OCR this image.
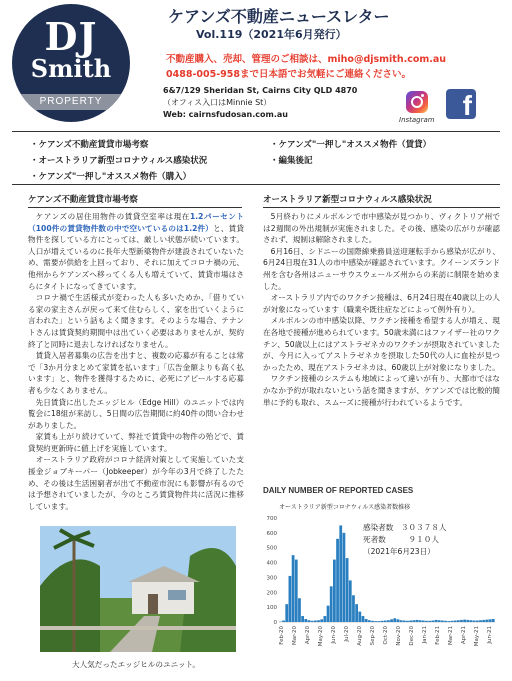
DJ
Smith
PROPERTY
ケアンズ不動産ニュースレター
Vol.119（2021年6月発行）
不動産購入、売却、管理のご相談は、miho@djsmith.com.au
0488-005-958まで日本語でお気軽にご連絡ください。
6&7/129 Sheridan St, Cairns City QLD 4870
（オフィス入口はMinnie St）
Web: cairnsfudosan.com.au
Instagram	f
・ケアンズ不動産賃貸市場考察	・ケアンズ"一押し"オススメ物件（賃貸）
・オーストラリア新型コロナウィルス感染状況	・編集後記
・ケアンズ"一押し"オススメ物件（購入）
ケアンズ不動産賃貸市場考察

ケアンズの居住用物件の賃貸空室率は現在1.2パーセント（100件の賃貸物件数の中で空いているのは1.2件）と、賃貸物件を探している方にとっては、厳しい状態が続いています。人口が増えているのに長年大型新築物件が建設されていないため、需要が供給を上回っており、それに加えてコロナ禍の元、他州からケアンズへ移ってくる人も増えていて、賃貸市場はさらにタイトになってきています。

コロナ禍で生活様式が変わった人も多いためか、「借りている家の家主さんが戻って来て住むらしく、家を出ていくように言われた」という話もよく聞きます。そのような場合、テナントさんは賃貸契約期間中は出ていく必要はありませんが、契約終了と同時に退去しなければなりません。

賃貸入居者募集の広告を出すと、複数の応募が有ることは常で「3か月分まとめて家賃を払います」「広告金額よりも高く払います」と、物件を獲得するために、必死にアピールする応募者も少なくありません。

先日賃貸に出したエッジヒル（Edge Hill）のユニットでは内覧会に18組が来訪し、5日間の広告期間に約40件の問い合わせがありました。

家賃も上がり続けていて、弊社で賃貸中の物件の殆どで、賃貸契約更新時に値上げを実施しています。

オーストラリア政府がコロナ経済対策として実施していた支援金ジョブキーパー（Jobkeeper）が今年の3月で終了したため、その後は生活困窮者が出て不動産市況にも影響が有るのでは予想されていましたが、今のところ賃貸物件共に活況に推移しています。

大人気だったエッジヒルのユニット。
オーストラリア新型コロナウィルス感染状況

5月終わりにメルボルンで市中感染が見つかり、ヴィクトリア州では2週間の外出規制が実施されました。その後、感染の広がりが確認されず、規制は解除されました。

6月16日、シドニーの国際線乗務員送迎運転手から感染が広がり、6月24日現在31人の市中感染が確認されています。クイーンズランド州を含む各州はニューサウスウェールズ州からの来訪に制限を始めました。

オーストラリア内でのワクチン接種は、6月24日現在40歳以上の人が対象になっています（職業や既往症などによって例外有り）。

メルボルンの市中感染以降、ワクチン接種を希望する人が増え、現在各地で接種が進められています。50歳未満にはファイザー社のワクチン、50歳以上にはアストラゼネカのワクチンが摂取されていましたが、今月に入ってアストラゼネカを摂取した50代の人に血栓が見つかったため、現在アストラゼネカは、60歳以上が対象になりました。

ワクチン接種のシステムも地域によって違いが有り、大都市ではなかなか予約が取れないという話を聞きますが、ケアンズでは比較的簡単に予約も取れ、スムーズに接種が行われているようです。

DAILY NUMBER OF REPORTED CASES
オーストラリア新型コロナウィルス感染者数推移
700
600
500
400
300
200
100
0
Feb-20 Mar-20 Apr-20 May-20 Jun-20 Jul-20 Aug-20 Sep-20 Oct-20 Nov-20 Dec-20 Jan-21 Feb-21 Mar-21 Apr-21 May-21 Jun-21
感染者数　３０３７８人
死者数　　　９１０人
（2021年6月23日）
